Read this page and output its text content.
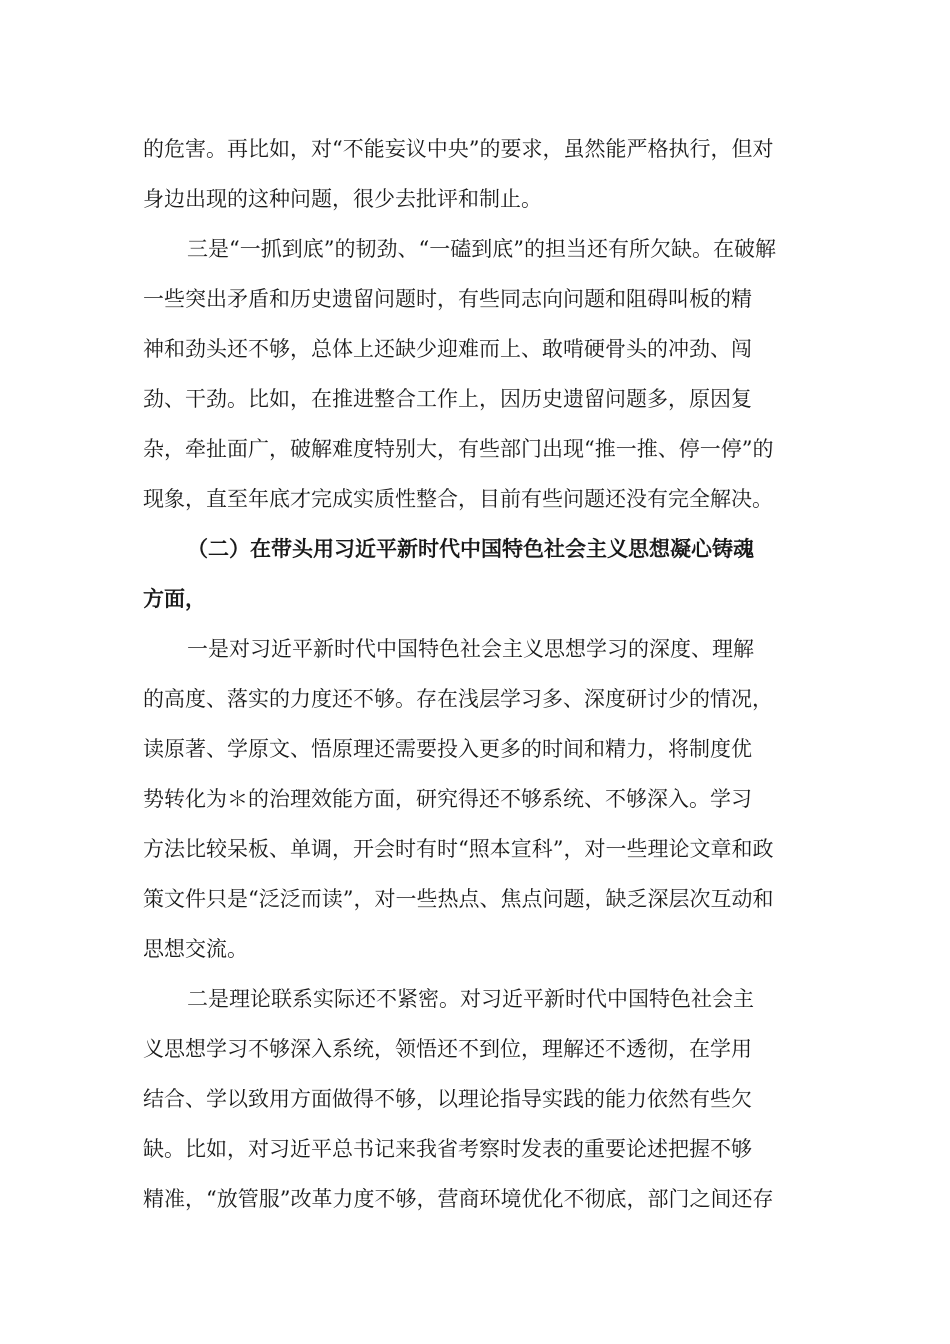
的危害。再比如，对“不能妄议中央”的要求，虽然能严格执行，但对
身边出现的这种问题，很少去批评和制止。
三是“一抓到底”的韧劲、“一磕到底”的担当还有所欠缺。在破解
一些突出矛盾和历史遗留问题时，有些同志向问题和阻碍叫板的精
神和劲头还不够，总体上还缺少迎难而上、敢啃硬骨头的冲劲、闯
劲、干劲。比如，在推进整合工作上，因历史遗留问题多，原因复
杂，牵扯面广，破解难度特别大，有些部门出现“推一推、停一停”的
现象，直至年底才完成实质性整合，目前有些问题还没有完全解决。
（二）在带头用习近平新时代中国特色社会主义思想凝心铸魂
方面，
一是对习近平新时代中国特色社会主义思想学习的深度、理解
的高度、落实的力度还不够。存在浅层学习多、深度研讨少的情况，
读原著、学原文、悟原理还需要投入更多的时间和精力，将制度优
势转化为＊的治理效能方面，研究得还不够系统、不够深入。学习
方法比较呆板、单调，开会时有时“照本宣科”，对一些理论文章和政
策文件只是“泛泛而读”，对一些热点、焦点问题，缺乏深层次互动和
思想交流。
二是理论联系实际还不紧密。对习近平新时代中国特色社会主
义思想学习不够深入系统，领悟还不到位，理解还不透彻，在学用
结合、学以致用方面做得不够，以理论指导实践的能力依然有些欠
缺。比如，对习近平总书记来我省考察时发表的重要论述把握不够
精准，“放管服”改革力度不够，营商环境优化不彻底，部门之间还存
